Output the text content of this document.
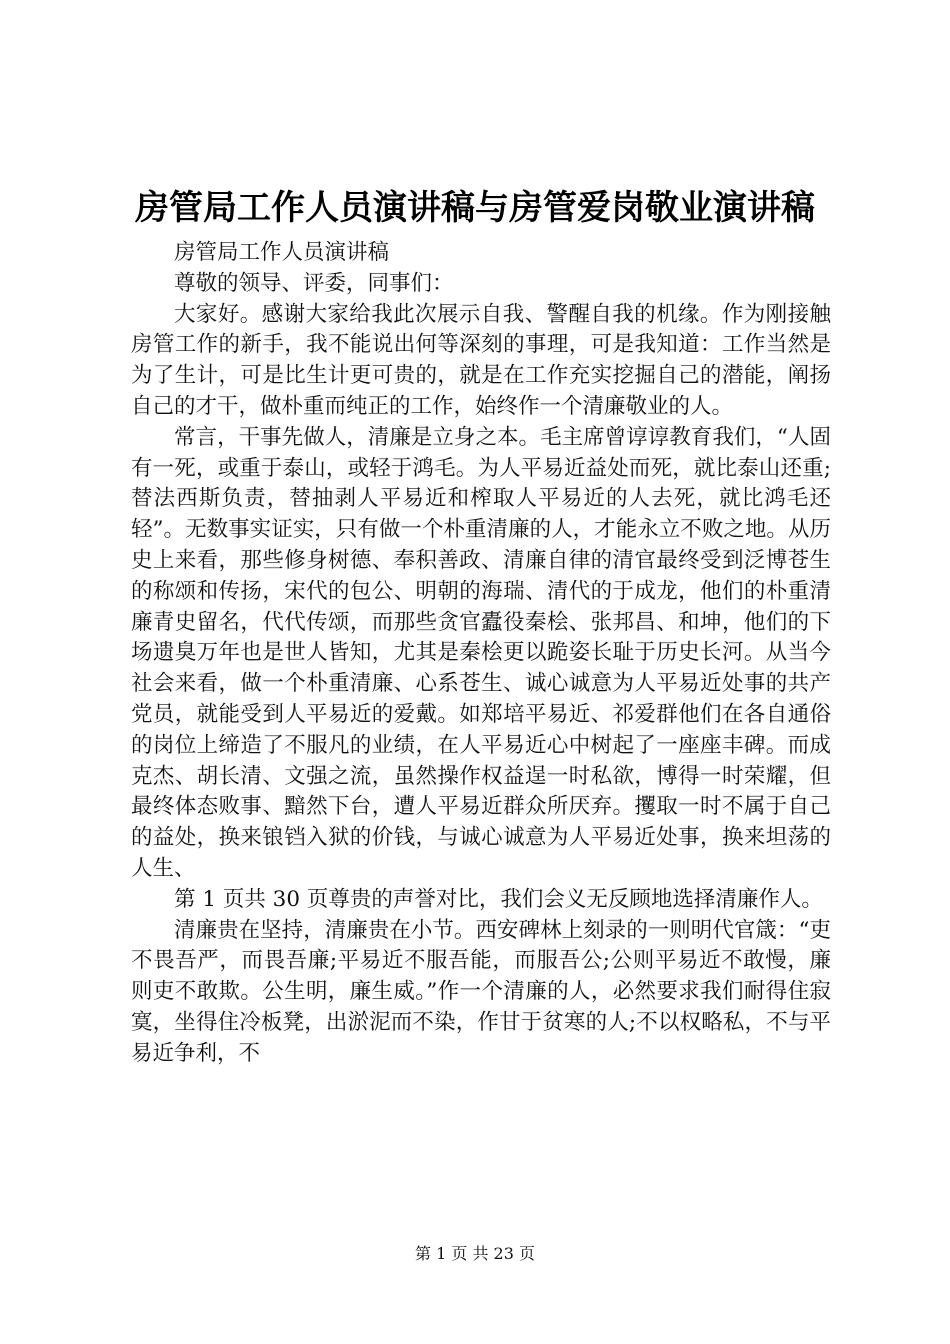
房管局工作人员演讲稿与房管爱岗敬业演讲稿

房管局工作人员演讲稿

尊敬的领导、评委，同事们：

大家好。感谢大家给我此次展示自我、警醒自我的机缘。作为刚接触房管工作的新手，我不能说出何等深刻的事理，可是我知道：工作当然是为了生计，可是比生计更可贵的，就是在工作充实挖掘自己的潜能，阐扬自己的才干，做朴重而纯正的工作，始终作一个清廉敬业的人。

常言，干事先做人，清廉是立身之本。毛主席曾谆谆教育我们，“人固有一死，或重于泰山，或轻于鸿毛。为人平易近益处而死，就比泰山还重;替法西斯负责，替抽剥人平易近和榨取人平易近的人去死，就比鸿毛还轻”。无数事实证实，只有做一个朴重清廉的人，才能永立不败之地。从历史上来看，那些修身树德、奉积善政、清廉自律的清官最终受到泛博苍生的称颂和传扬，宋代的包公、明朝的海瑞、清代的于成龙，他们的朴重清廉青史留名，代代传颂，而那些贪官蠹役秦桧、张邦昌、和坤，他们的下场遗臭万年也是世人皆知，尤其是秦桧更以跪姿长耻于历史长河。从当今社会来看，做一个朴重清廉、心系苍生、诚心诚意为人平易近处事的共产党员，就能受到人平易近的爱戴。如郑培平易近、祁爱群他们在各自通俗的岗位上缔造了不服凡的业绩，在人平易近心中树起了一座座丰碑。而成克杰、胡长清、文强之流，虽然操作权益逞一时私欲，博得一时荣耀，但最终体态败事、黯然下台，遭人平易近群众所厌弃。攫取一时不属于自己的益处，换来锒铛入狱的价钱，与诚心诚意为人平易近处事，换来坦荡的人生、

第 1 页共 30 页尊贵的声誉对比，我们会义无反顾地选择清廉作人。

清廉贵在坚持，清廉贵在小节。西安碑林上刻录的一则明代官箴：“吏不畏吾严，而畏吾廉;平易近不服吾能，而服吾公;公则平易近不敢慢，廉则吏不敢欺。公生明，廉生威。”作一个清廉的人，必然要求我们耐得住寂寞，坐得住冷板凳，出淤泥而不染，作甘于贫寒的人;不以权略私，不与平易近争利，不

第 1 页 共 23 页
